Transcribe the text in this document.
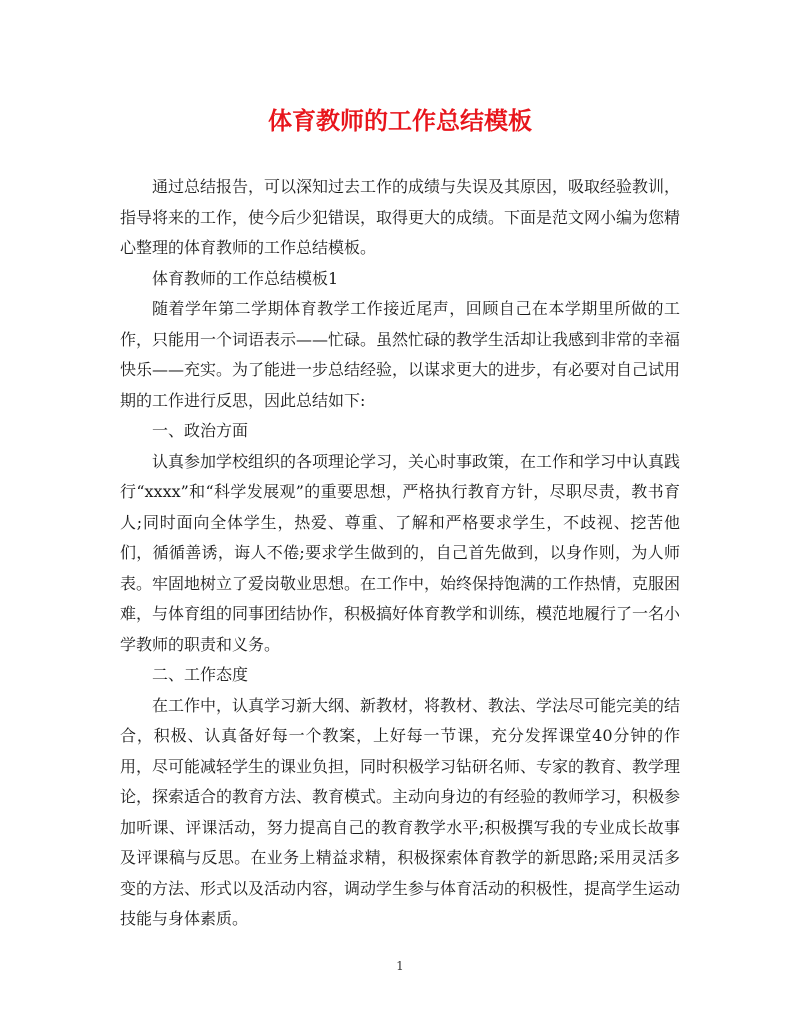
体育教师的工作总结模板

通过总结报告，可以深知过去工作的成绩与失误及其原因，吸取经验教训，指导将来的工作，使今后少犯错误，取得更大的成绩。下面是范文网小编为您精心整理的体育教师的工作总结模板。

体育教师的工作总结模板1

随着学年第二学期体育教学工作接近尾声，回顾自己在本学期里所做的工作，只能用一个词语表示——忙碌。虽然忙碌的教学生活却让我感到非常的幸福快乐——充实。为了能进一步总结经验，以谋求更大的进步，有必要对自己试用期的工作进行反思，因此总结如下:

一、政治方面

认真参加学校组织的各项理论学习，关心时事政策，在工作和学习中认真践行“xxxx”和“科学发展观”的重要思想，严格执行教育方针，尽职尽责，教书育人;同时面向全体学生，热爱、尊重、了解和严格要求学生，不歧视、挖苦他们，循循善诱，诲人不倦;要求学生做到的，自己首先做到，以身作则，为人师表。牢固地树立了爱岗敬业思想。在工作中，始终保持饱满的工作热情，克服困难，与体育组的同事团结协作，积极搞好体育教学和训练，模范地履行了一名小学教师的职责和义务。

二、工作态度

在工作中，认真学习新大纲、新教材，将教材、教法、学法尽可能完美的结合，积极、认真备好每一个教案，上好每一节课，充分发挥课堂40分钟的作用，尽可能减轻学生的课业负担，同时积极学习钻研名师、专家的教育、教学理论，探索适合的教育方法、教育模式。主动向身边的有经验的教师学习，积极参加听课、评课活动，努力提高自己的教育教学水平;积极撰写我的专业成长故事及评课稿与反思。在业务上精益求精，积极探索体育教学的新思路;采用灵活多变的方法、形式以及活动内容，调动学生参与体育活动的积极性，提高学生运动技能与身体素质。

1
